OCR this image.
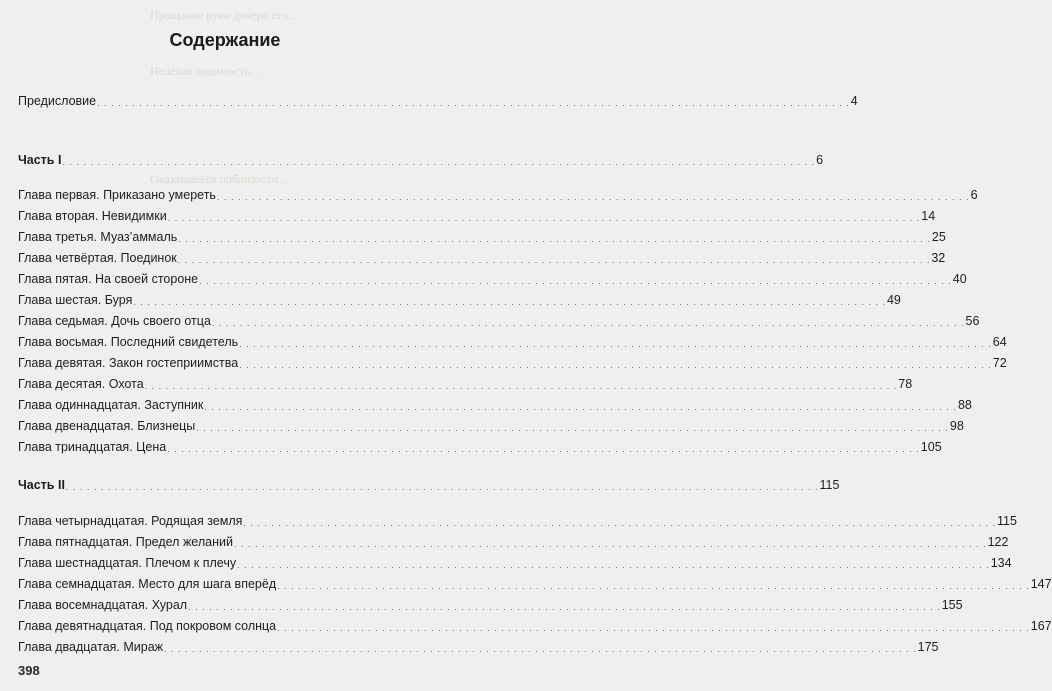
Прощание руки дочери его…
Нелепая видимость…
Оказавшееся поблизости…
Содержание
Предисловие . . . . . . . . . . . . . . . . . . . . . . . . . . . . . . . . . . . . . . . . . . . . . . . . . . . . . . . . . . . . . . . . . . . . . . . . . . . . . . . . . . . . . . . . . . . . . . . . . . . . . . . . . . . . 4
Часть I . . . . . . . . . . . . . . . . . . . . . . . . . . . . . . . . . . . . . . . . . . . . . . . . . . . . . . . . . . . . . . . . . . . . . . . . . . . . . . . . . . . . . . . . . . . . . . . . . . . . . . . . . . . . 6
Глава первая. Приказано умереть . . . . . . . . . . . . . . . . . . . . . . . . . . . . . . . . . . . . . . . . . . . . . . . . . . . . . . . . . . . . . . . . . . . . . . . . . . . . . . . . . . . . . . . . . . . . . . . . . . . . . . . . . . . . 6
Глава вторая. Невидимки . . . . . . . . . . . . . . . . . . . . . . . . . . . . . . . . . . . . . . . . . . . . . . . . . . . . . . . . . . . . . . . . . . . . . . . . . . . . . . . . . . . . . . . . . . . . . . . . . . . . . . . . . . . . 14
Глава третья. Муаз’аммаль . . . . . . . . . . . . . . . . . . . . . . . . . . . . . . . . . . . . . . . . . . . . . . . . . . . . . . . . . . . . . . . . . . . . . . . . . . . . . . . . . . . . . . . . . . . . . . . . . . . . . . . . . . . . 25
Глава четвёртая. Поединок . . . . . . . . . . . . . . . . . . . . . . . . . . . . . . . . . . . . . . . . . . . . . . . . . . . . . . . . . . . . . . . . . . . . . . . . . . . . . . . . . . . . . . . . . . . . . . . . . . . . . . . . . . . . 32
Глава пятая. На своей стороне . . . . . . . . . . . . . . . . . . . . . . . . . . . . . . . . . . . . . . . . . . . . . . . . . . . . . . . . . . . . . . . . . . . . . . . . . . . . . . . . . . . . . . . . . . . . . . . . . . . . . . . . . . . . 40
Глава шестая. Буря . . . . . . . . . . . . . . . . . . . . . . . . . . . . . . . . . . . . . . . . . . . . . . . . . . . . . . . . . . . . . . . . . . . . . . . . . . . . . . . . . . . . . . . . . . . . . . . . . . . . . . . . . . . . 49
Глава седьмая. Дочь своего отца . . . . . . . . . . . . . . . . . . . . . . . . . . . . . . . . . . . . . . . . . . . . . . . . . . . . . . . . . . . . . . . . . . . . . . . . . . . . . . . . . . . . . . . . . . . . . . . . . . . . . . . . . . . . 56
Глава восьмая. Последний свидетель . . . . . . . . . . . . . . . . . . . . . . . . . . . . . . . . . . . . . . . . . . . . . . . . . . . . . . . . . . . . . . . . . . . . . . . . . . . . . . . . . . . . . . . . . . . . . . . . . . . . . . . . . . . . 64
Глава девятая. Закон гостеприимства . . . . . . . . . . . . . . . . . . . . . . . . . . . . . . . . . . . . . . . . . . . . . . . . . . . . . . . . . . . . . . . . . . . . . . . . . . . . . . . . . . . . . . . . . . . . . . . . . . . . . . . . . . . . 72
Глава десятая. Охота . . . . . . . . . . . . . . . . . . . . . . . . . . . . . . . . . . . . . . . . . . . . . . . . . . . . . . . . . . . . . . . . . . . . . . . . . . . . . . . . . . . . . . . . . . . . . . . . . . . . . . . . . . . . 78
Глава одиннадцатая. Заступник . . . . . . . . . . . . . . . . . . . . . . . . . . . . . . . . . . . . . . . . . . . . . . . . . . . . . . . . . . . . . . . . . . . . . . . . . . . . . . . . . . . . . . . . . . . . . . . . . . . . . . . . . . . . 88
Глава двенадцатая. Близнецы . . . . . . . . . . . . . . . . . . . . . . . . . . . . . . . . . . . . . . . . . . . . . . . . . . . . . . . . . . . . . . . . . . . . . . . . . . . . . . . . . . . . . . . . . . . . . . . . . . . . . . . . . . . . 98
Глава тринадцатая. Цена . . . . . . . . . . . . . . . . . . . . . . . . . . . . . . . . . . . . . . . . . . . . . . . . . . . . . . . . . . . . . . . . . . . . . . . . . . . . . . . . . . . . . . . . . . . . . . . . . . . . . . . . . . . . 105
Часть II . . . . . . . . . . . . . . . . . . . . . . . . . . . . . . . . . . . . . . . . . . . . . . . . . . . . . . . . . . . . . . . . . . . . . . . . . . . . . . . . . . . . . . . . . . . . . . . . . . . . . . . . . . . . 115
Глава четырнадцатая. Родящая земля . . . . . . . . . . . . . . . . . . . . . . . . . . . . . . . . . . . . . . . . . . . . . . . . . . . . . . . . . . . . . . . . . . . . . . . . . . . . . . . . . . . . . . . . . . . . . . . . . . . . . . . . . . . . 115
Глава пятнадцатая. Предел желаний . . . . . . . . . . . . . . . . . . . . . . . . . . . . . . . . . . . . . . . . . . . . . . . . . . . . . . . . . . . . . . . . . . . . . . . . . . . . . . . . . . . . . . . . . . . . . . . . . . . . . . . . . . . . 122
Глава шестнадцатая. Плечом к плечу . . . . . . . . . . . . . . . . . . . . . . . . . . . . . . . . . . . . . . . . . . . . . . . . . . . . . . . . . . . . . . . . . . . . . . . . . . . . . . . . . . . . . . . . . . . . . . . . . . . . . . . . . . . . 134
Глава семнадцатая. Место для шага вперёд . . . . . . . . . . . . . . . . . . . . . . . . . . . . . . . . . . . . . . . . . . . . . . . . . . . . . . . . . . . . . . . . . . . . . . . . . . . . . . . . . . . . . . . . . . . . . . . . . . . . . . . . . . . . 147
Глава восемнадцатая. Хурал . . . . . . . . . . . . . . . . . . . . . . . . . . . . . . . . . . . . . . . . . . . . . . . . . . . . . . . . . . . . . . . . . . . . . . . . . . . . . . . . . . . . . . . . . . . . . . . . . . . . . . . . . . . . 155
Глава девятнадцатая. Под покровом солнца . . . . . . . . . . . . . . . . . . . . . . . . . . . . . . . . . . . . . . . . . . . . . . . . . . . . . . . . . . . . . . . . . . . . . . . . . . . . . . . . . . . . . . . . . . . . . . . . . . . . . . . . . . . . 167
Глава двадцатая. Мираж . . . . . . . . . . . . . . . . . . . . . . . . . . . . . . . . . . . . . . . . . . . . . . . . . . . . . . . . . . . . . . . . . . . . . . . . . . . . . . . . . . . . . . . . . . . . . . . . . . . . . . . . . . . . 175
398
